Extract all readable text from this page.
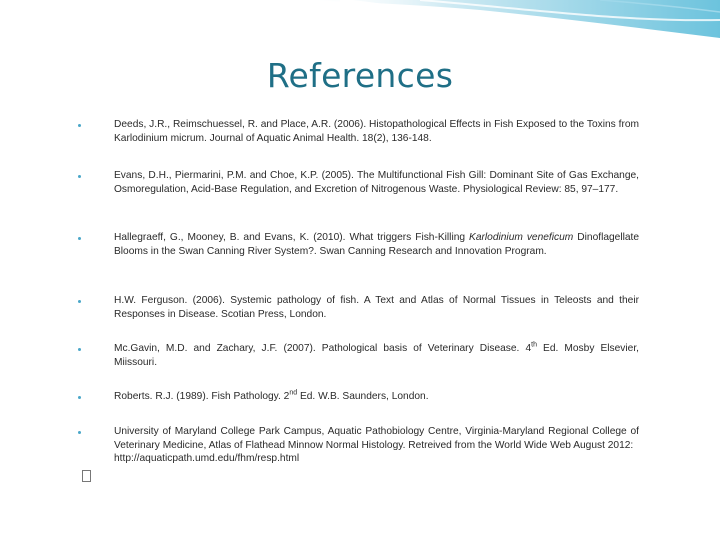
References
Deeds, J.R., Reimschuessel, R. and Place, A.R. (2006). Histopathological Effects in Fish Exposed to the Toxins from Karlodinium micrum. Journal of Aquatic Animal Health. 18(2), 136-148.
Evans, D.H., Piermarini, P.M. and Choe, K.P. (2005). The Multifunctional Fish Gill: Dominant Site of Gas Exchange, Osmoregulation, Acid-Base Regulation, and Excretion of Nitrogenous Waste. Physiological Review: 85, 97–177.
Hallegraeff, G., Mooney, B. and Evans, K. (2010). What triggers Fish-Killing Karlodinium veneficum Dinoflagellate Blooms in the Swan Canning River System?. Swan Canning Research and Innovation Program.
H.W. Ferguson. (2006). Systemic pathology of fish. A Text and Atlas of Normal Tissues in Teleosts and their Responses in Disease. Scotian Press, London.
Mc.Gavin, M.D. and Zachary, J.F. (2007). Pathological basis of Veterinary Disease. 4th Ed. Mosby Elsevier, Miissouri.
Roberts. R.J. (1989). Fish Pathology. 2nd Ed. W.B. Saunders, London.

University of Maryland College Park Campus, Aquatic Pathobiology Centre, Virginia-Maryland Regional College of Veterinary Medicine, Atlas of Flathead Minnow Normal Histology. Retreived from the World Wide Web August 2012:

http://aquaticpath.umd.edu/fhm/resp.html
